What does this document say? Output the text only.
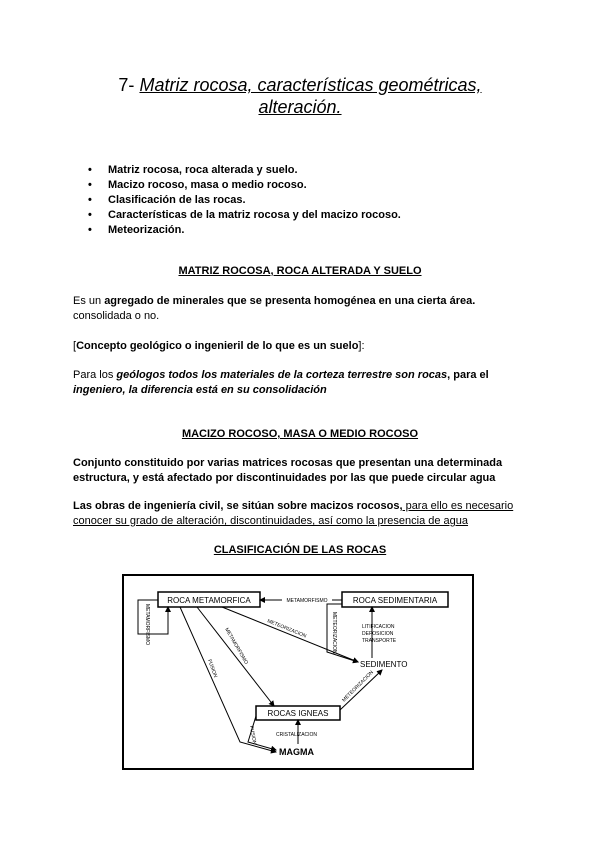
7- Matriz rocosa, características geométricas,
alteración.
• Matriz rocosa, roca alterada y suelo.
• Macizo rocoso, masa o medio rocoso.
• Clasificación de las rocas.
• Características de la matriz rocosa y del macizo rocoso.
• Meteorización.
MATRIZ ROCOSA, ROCA ALTERADA Y SUELO
Es un agregado de minerales que se presenta homogénea en una cierta área.
consolidada o no.
[Concepto geológico o ingenieril de lo que es un suelo]:
Para los geólogos todos los materiales de la corteza terrestre son rocas, para el
ingeniero, la diferencia está en su consolidación
MACIZO ROCOSO, MASA O MEDIO ROCOSO
Conjunto constituido por varias matrices rocosas que presentan una determinada estructura, y está afectado por discontinuidades por las que puede circular agua
Las obras de ingeniería civil, se sitúan sobre macizos rocosos, para ello es necesario conocer su grado de alteración, discontinuidades, así como la presencia de agua
CLASIFICACIÓN DE LAS ROCAS
ROCA METAMORFICA	ROCA SEDIMENTARIA
ROCAS IGNEAS
SEDIMENTO
MAGMA
METAMORFISMO
METAMORFISMO
METEORIZACION	METEORIZACION	LITIFICACION
DEPOSICION
TRANSPORTE
METEORIZACION
METAMORFISMO
FUSION
FUSION	CRISTALIZACION
